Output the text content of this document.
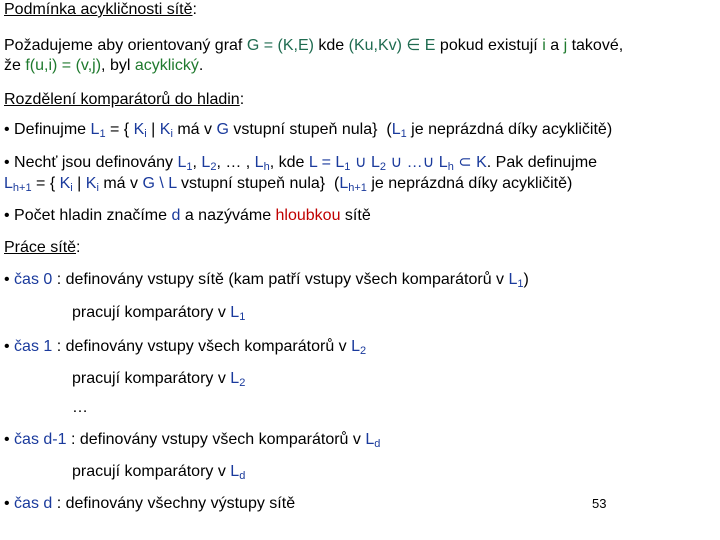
Podmínka acykličnosti sítě:
Požadujeme aby orientovaný graf G = (K,E) kde (Ku,Kv) ∈ E pokud existují i a j takové,
že f(u,i) = (v,j), byl acyklický.
Rozdělení komparátorů do hladin:
• Definujme $L_1$ = { $K_i$ | $K_i$ má v G vstupní stupeň nula}  ($L_1$ je neprázdná díky acykličitě)
• Nechť jsou definovány $L_1$, $L_2$, … , $L_h$, kde $L = L_1$ ∪ $L_2$ ∪ …∪ $L_h$ ⊂ K. Pak definujme
$L_{h+1}$ = { $K_i$ | $K_i$ má v G \ L vstupní stupeň nula}  ($L_{h+1}$ je neprázdná díky acykličitě)
• Počet hladin značíme d a nazýváme hloubkou sítě
Práce sítě:
• čas 0 : definovány vstupy sítě (kam patří vstupy všech komparátorů v $L_1$)
pracují komparátory v $L_1$
• čas 1 : definovány vstupy všech komparátorů v $L_2$
pracují komparátory v $L_2$
…
• čas d-1 : definovány vstupy všech komparátorů v $L_d$
pracují komparátory v $L_d$
• čas d : definovány všechny výstupy sítě	53
